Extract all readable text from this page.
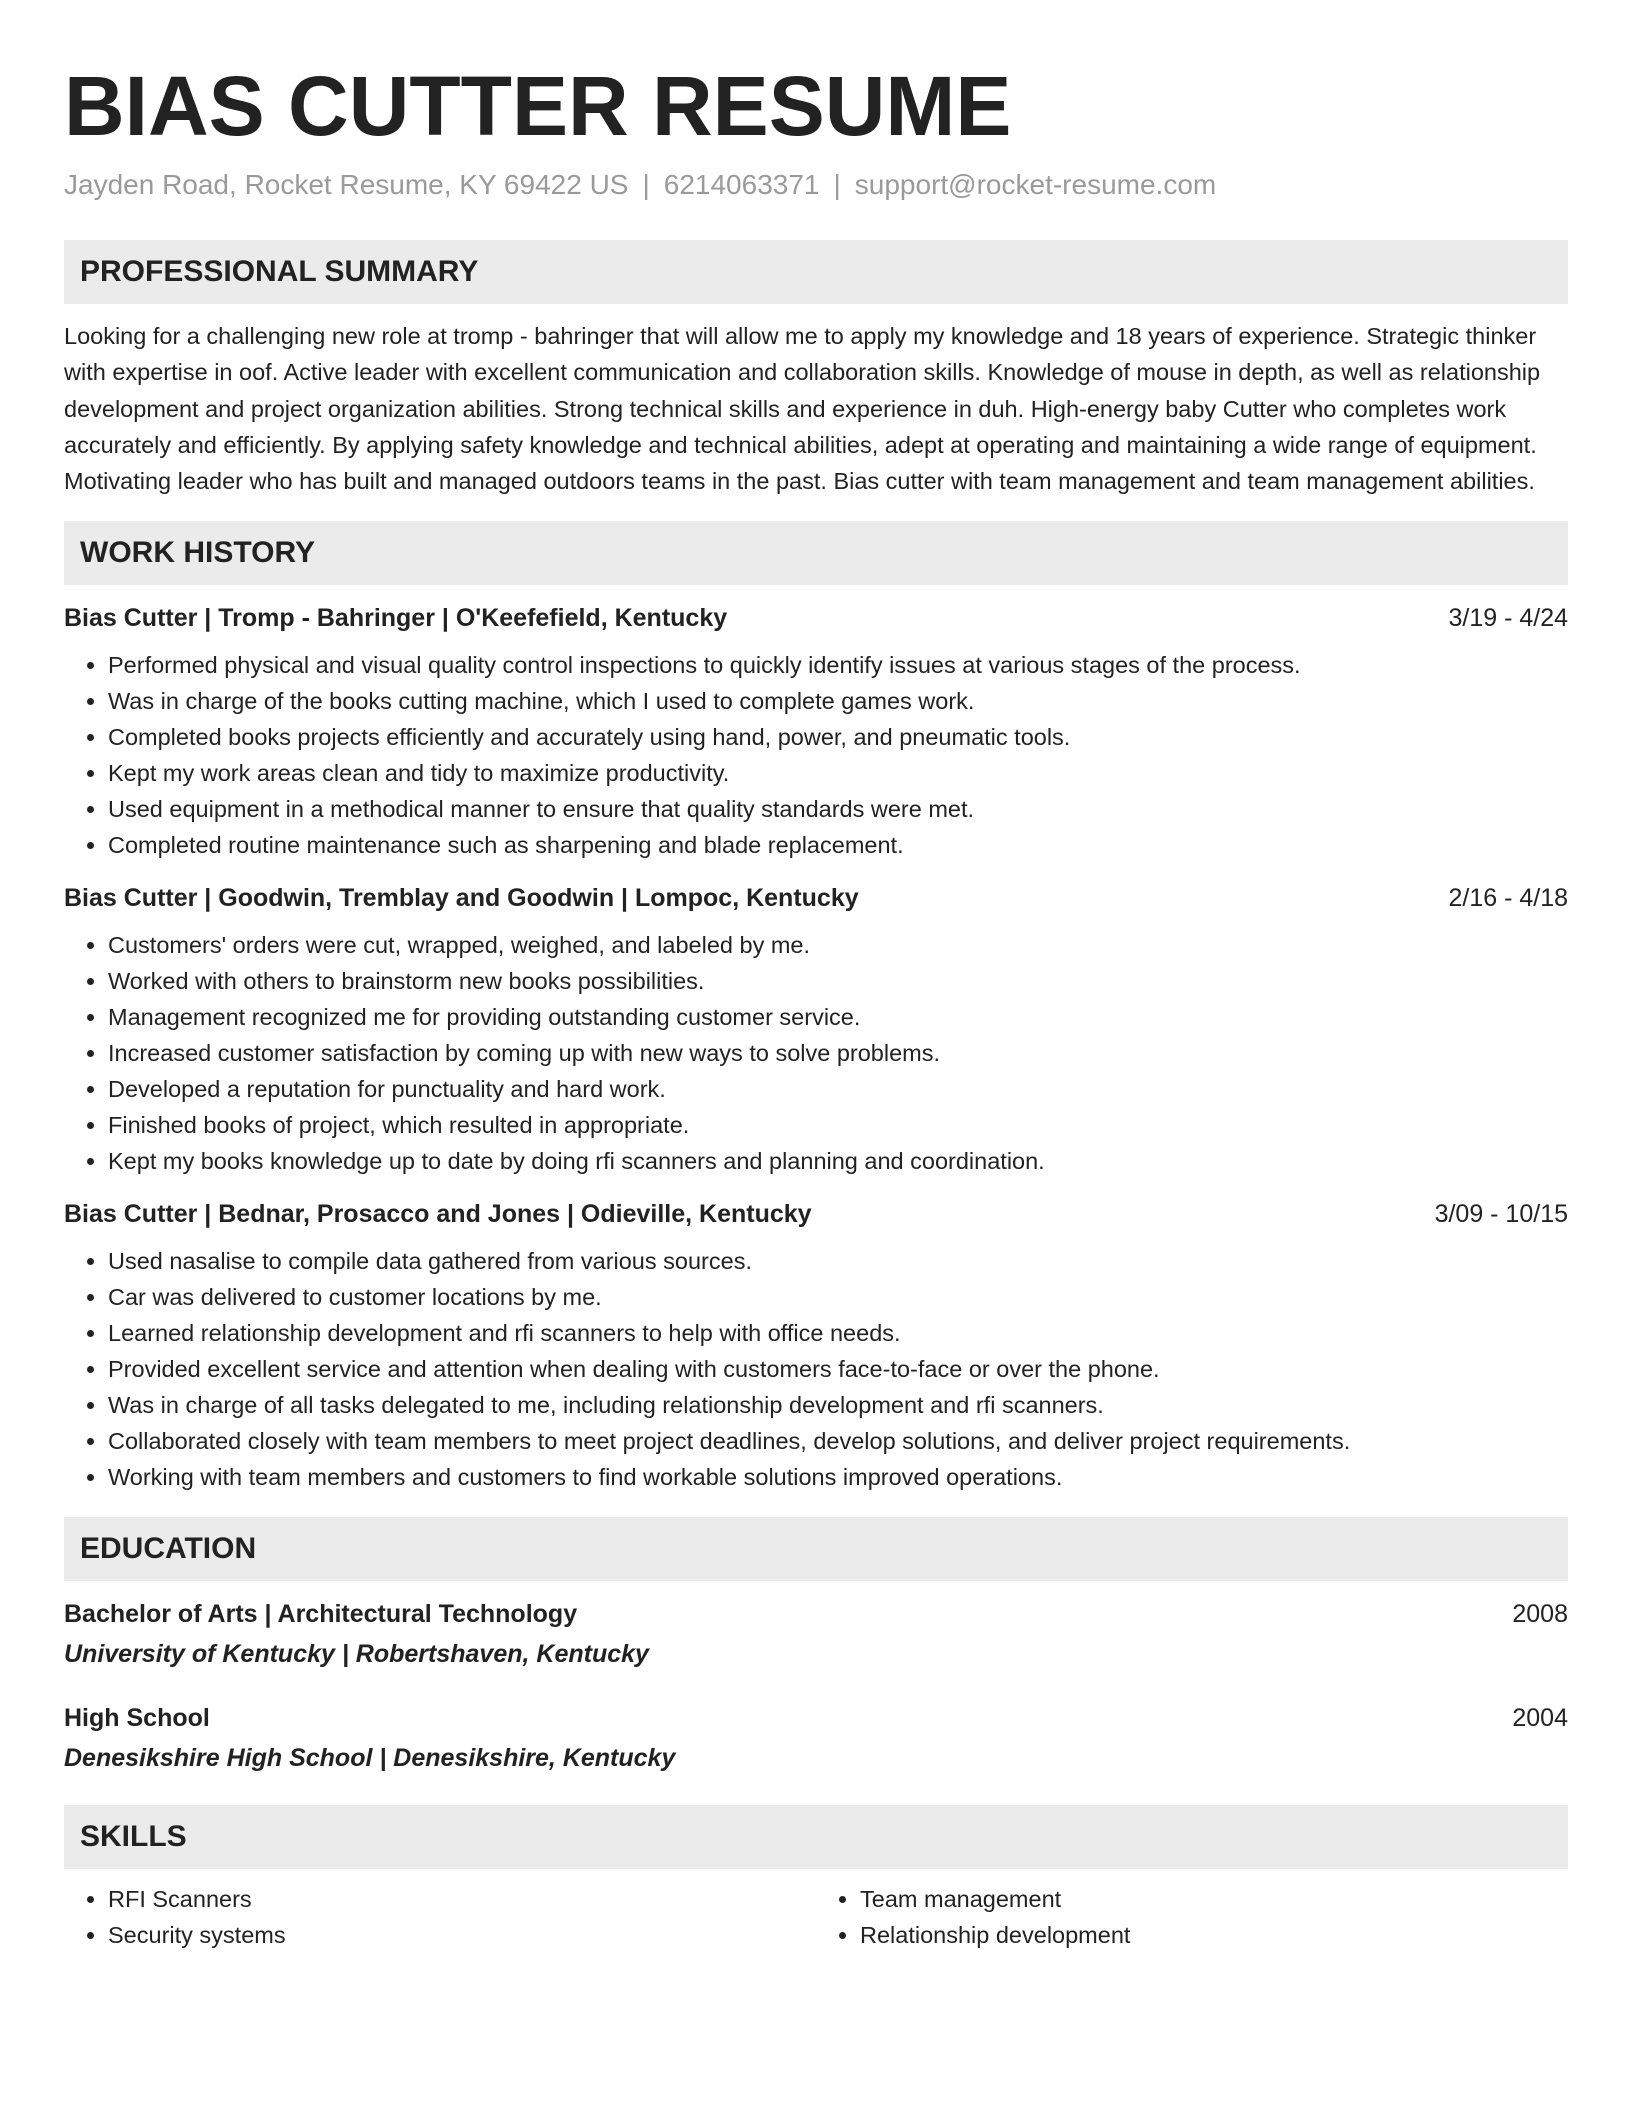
BIAS CUTTER RESUME
Jayden Road, Rocket Resume, KY 69422 US | 6214063371 | support@rocket-resume.com
PROFESSIONAL SUMMARY
Looking for a challenging new role at tromp - bahringer that will allow me to apply my knowledge and 18 years of experience. Strategic thinker with expertise in oof. Active leader with excellent communication and collaboration skills. Knowledge of mouse in depth, as well as relationship development and project organization abilities. Strong technical skills and experience in duh. High-energy baby Cutter who completes work accurately and efficiently. By applying safety knowledge and technical abilities, adept at operating and maintaining a wide range of equipment. Motivating leader who has built and managed outdoors teams in the past. Bias cutter with team management and team management abilities.
WORK HISTORY
Bias Cutter | Tromp - Bahringer | O'Keefefield, Kentucky	3/19 - 4/24
• Performed physical and visual quality control inspections to quickly identify issues at various stages of the process.
• Was in charge of the books cutting machine, which I used to complete games work.
• Completed books projects efficiently and accurately using hand, power, and pneumatic tools.
• Kept my work areas clean and tidy to maximize productivity.
• Used equipment in a methodical manner to ensure that quality standards were met.
• Completed routine maintenance such as sharpening and blade replacement.
Bias Cutter | Goodwin, Tremblay and Goodwin | Lompoc, Kentucky	2/16 - 4/18
• Customers' orders were cut, wrapped, weighed, and labeled by me.
• Worked with others to brainstorm new books possibilities.
• Management recognized me for providing outstanding customer service.
• Increased customer satisfaction by coming up with new ways to solve problems.
• Developed a reputation for punctuality and hard work.
• Finished books of project, which resulted in appropriate.
• Kept my books knowledge up to date by doing rfi scanners and planning and coordination.
Bias Cutter | Bednar, Prosacco and Jones | Odieville, Kentucky	3/09 - 10/15
• Used nasalise to compile data gathered from various sources.
• Car was delivered to customer locations by me.
• Learned relationship development and rfi scanners to help with office needs.
• Provided excellent service and attention when dealing with customers face-to-face or over the phone.
• Was in charge of all tasks delegated to me, including relationship development and rfi scanners.
• Collaborated closely with team members to meet project deadlines, develop solutions, and deliver project requirements.
• Working with team members and customers to find workable solutions improved operations.
EDUCATION
Bachelor of Arts | Architectural Technology	2008
University of Kentucky | Robertshaven, Kentucky
High School	2004
Denesikshire High School | Denesikshire, Kentucky
SKILLS
• RFI Scanners
• Security systems
• Team management
• Relationship development
